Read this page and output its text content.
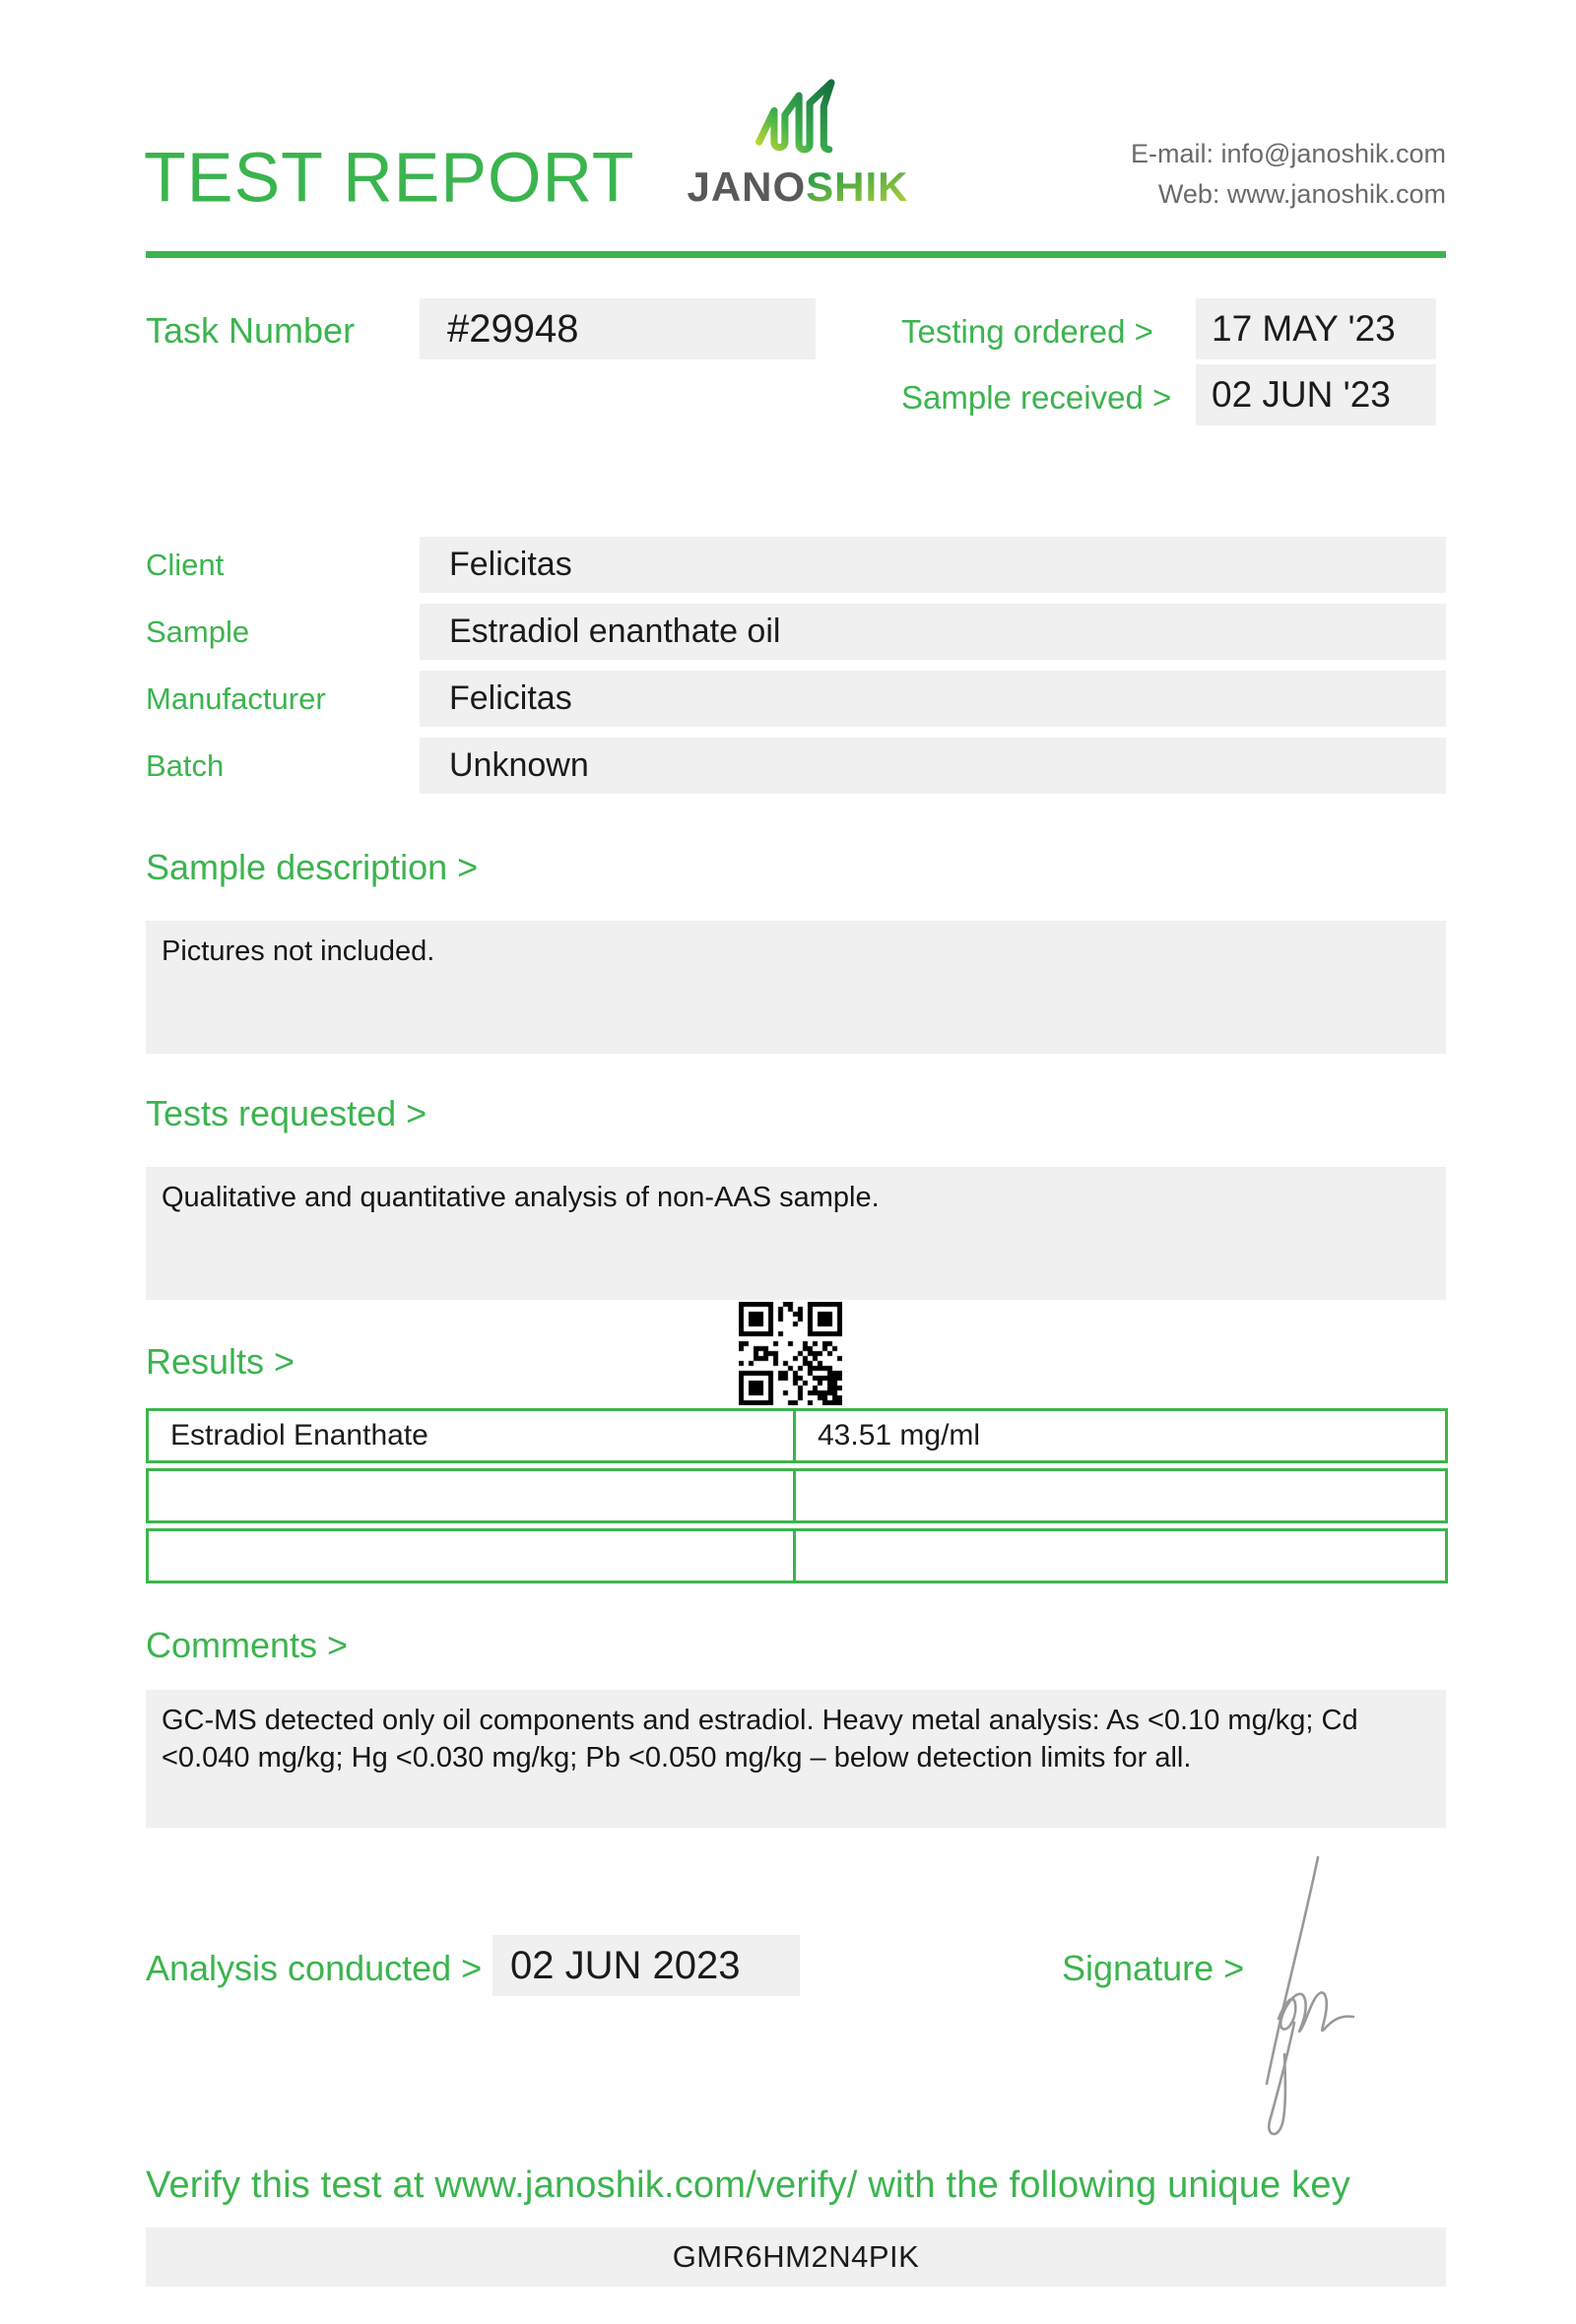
TEST REPORT JANOSHIK
E-mail: info@janoshik.com
Web: www.janoshik.com
Task Number	#29948	Testing ordered >	17 MAY '23
Sample received >	02 JUN '23
Client	Felicitas
Sample	Estradiol enanthate oil
Manufacturer	Felicitas
Batch	Unknown
Sample description >
Pictures not included.
Tests requested >
Qualitative and quantitative analysis of non-AAS sample.
Results >
Estradiol Enanthate	43.51 mg/ml
Comments >
GC-MS detected only oil components and estradiol. Heavy metal analysis: As <0.10 mg/kg; Cd <0.040 mg/kg; Hg <0.030 mg/kg; Pb <0.050 mg/kg – below detection limits for all.
Analysis conducted > 02 JUN 2023	Signature >
Verify this test at www.janoshik.com/verify/ with the following unique key
GMR6HM2N4PIK
